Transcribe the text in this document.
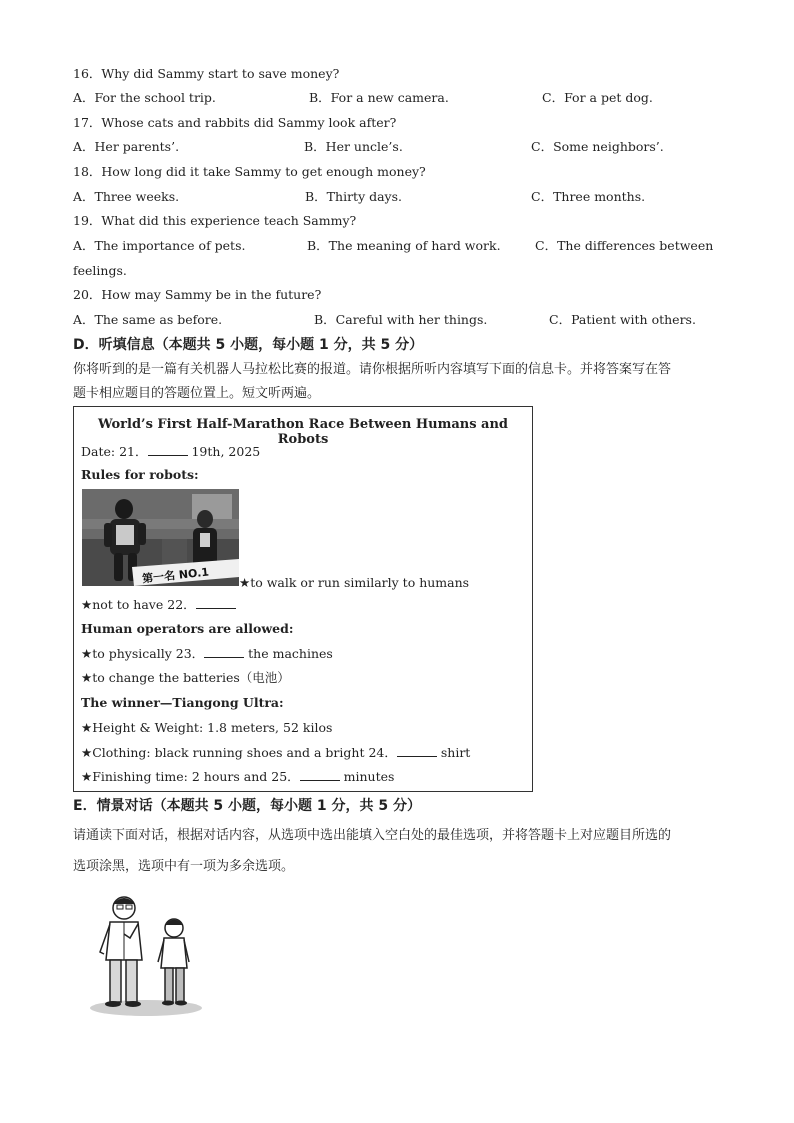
16．Why did Sammy start to save money?
A．For the school trip.	B．For a new camera.	C．For a pet dog.
17．Whose cats and rabbits did Sammy look after?
A．Her parents’.	B．Her uncle’s.	C．Some neighbors’.
18．How long did it take Sammy to get enough money?
A．Three weeks.	B．Thirty days.	C．Three months.
19．What did this experience teach Sammy?
A．The importance of pets.	B．The meaning of hard work.	C．The differences between
feelings.
20．How may Sammy be in the future?
A．The same as before.	B．Careful with her things.	C．Patient with others.
D．听填信息（本题共 5 小题，每小题 1 分，共 5 分）
你将听到的是一篇有关机器人马拉松比赛的报道。请你根据所听内容填写下面的信息卡。并将答案写在答
题卡相应题目的答题位置上。短文听两遍。
World’s First Half-Marathon Race Between Humans and Robots
Date: 21．	19th, 2025
Rules for robots:
第一名 NO.1 ★to walk or run similarly to humans
★not to have 22．
Human operators are allowed:
★to physically 23．	the machines
★to change the batteries（电池）
The winner—Tiangong Ultra:
★Height & Weight: 1.8 meters, 52 kilos
★Clothing: black running shoes and a bright 24．	shirt
★Finishing time: 2 hours and 25．	minutes
E．情景对话（本题共 5 小题，每小题 1 分，共 5 分）
请通读下面对话，根据对话内容，从选项中选出能填入空白处的最佳选项，并将答题卡上对应题目所选的
选项涂黑，选项中有一项为多余选项。
